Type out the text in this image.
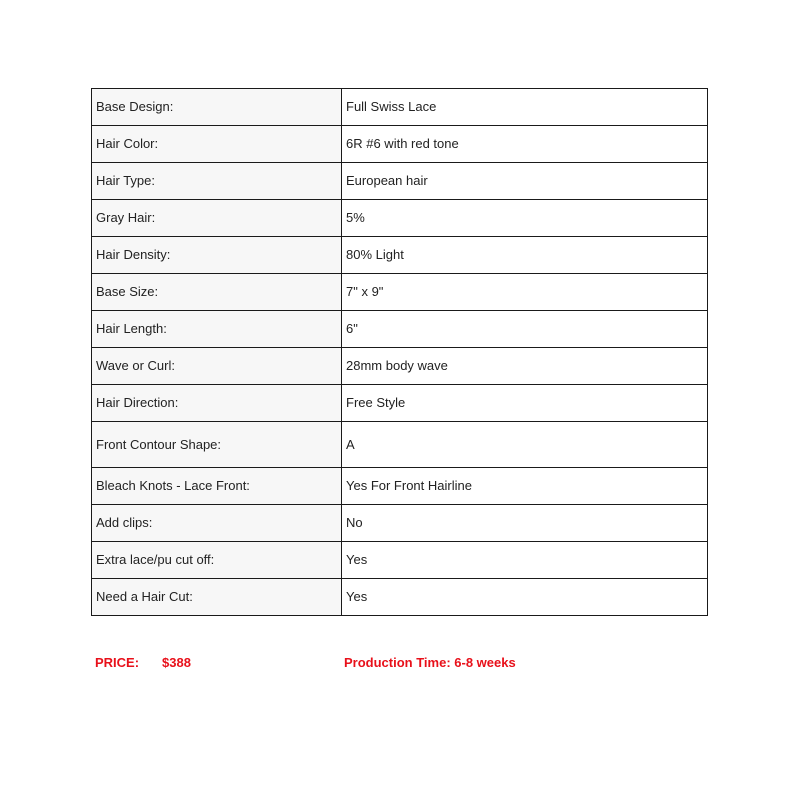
Base Design:	Full Swiss Lace
Hair Color:	6R #6 with red tone
Hair Type:	European hair
Gray Hair:	5%
Hair Density:	80% Light
Base Size:	7" x 9"
Hair Length:	6"
Wave or Curl:	28mm body wave
Hair Direction:	Free Style
Front Contour Shape:	A
Bleach Knots - Lace Front:	Yes For Front Hairline
Add clips:	No
Extra lace/pu cut off:	Yes
Need a Hair Cut:	Yes
PRICE: $388	Production Time: 6-8 weeks
